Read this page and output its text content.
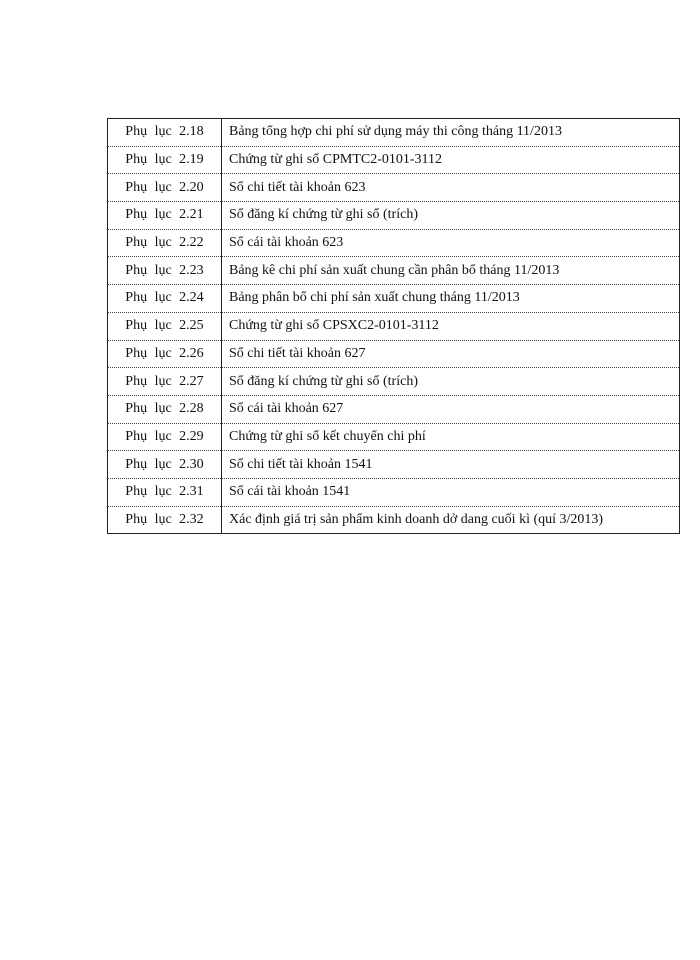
Phụ lục 2.18	Bảng tổng hợp chi phí sử dụng máy thi công tháng 11/2013
Phụ lục 2.19	Chứng từ ghi sổ CPMTC2-0101-3112
Phụ lục 2.20	Sổ chi tiết tài khoản 623
Phụ lục 2.21	Sổ đăng kí chứng từ ghi sổ (trích)
Phụ lục 2.22	Sổ cái tài khoản 623
Phụ lục 2.23	Bảng kê chi phí sản xuất chung cần phân bổ tháng 11/2013
Phụ lục 2.24	Bảng phân bổ chi phí sản xuất chung tháng 11/2013
Phụ lục 2.25	Chứng từ ghi sổ CPSXC2-0101-3112
Phụ lục 2.26	Sổ chi tiết tài khoản 627
Phụ lục 2.27	Sổ đăng kí chứng từ ghi sổ (trích)
Phụ lục 2.28	Sổ cái tài khoản 627
Phụ lục 2.29	Chứng từ ghi sổ kết chuyển chi phí
Phụ lục 2.30	Sổ chi tiết tài khoản 1541
Phụ lục 2.31	Sổ cái tài khoản 1541
Phụ lục 2.32	Xác định giá trị sản phẩm kinh doanh dở dang cuối kì (quí 3/2013)
